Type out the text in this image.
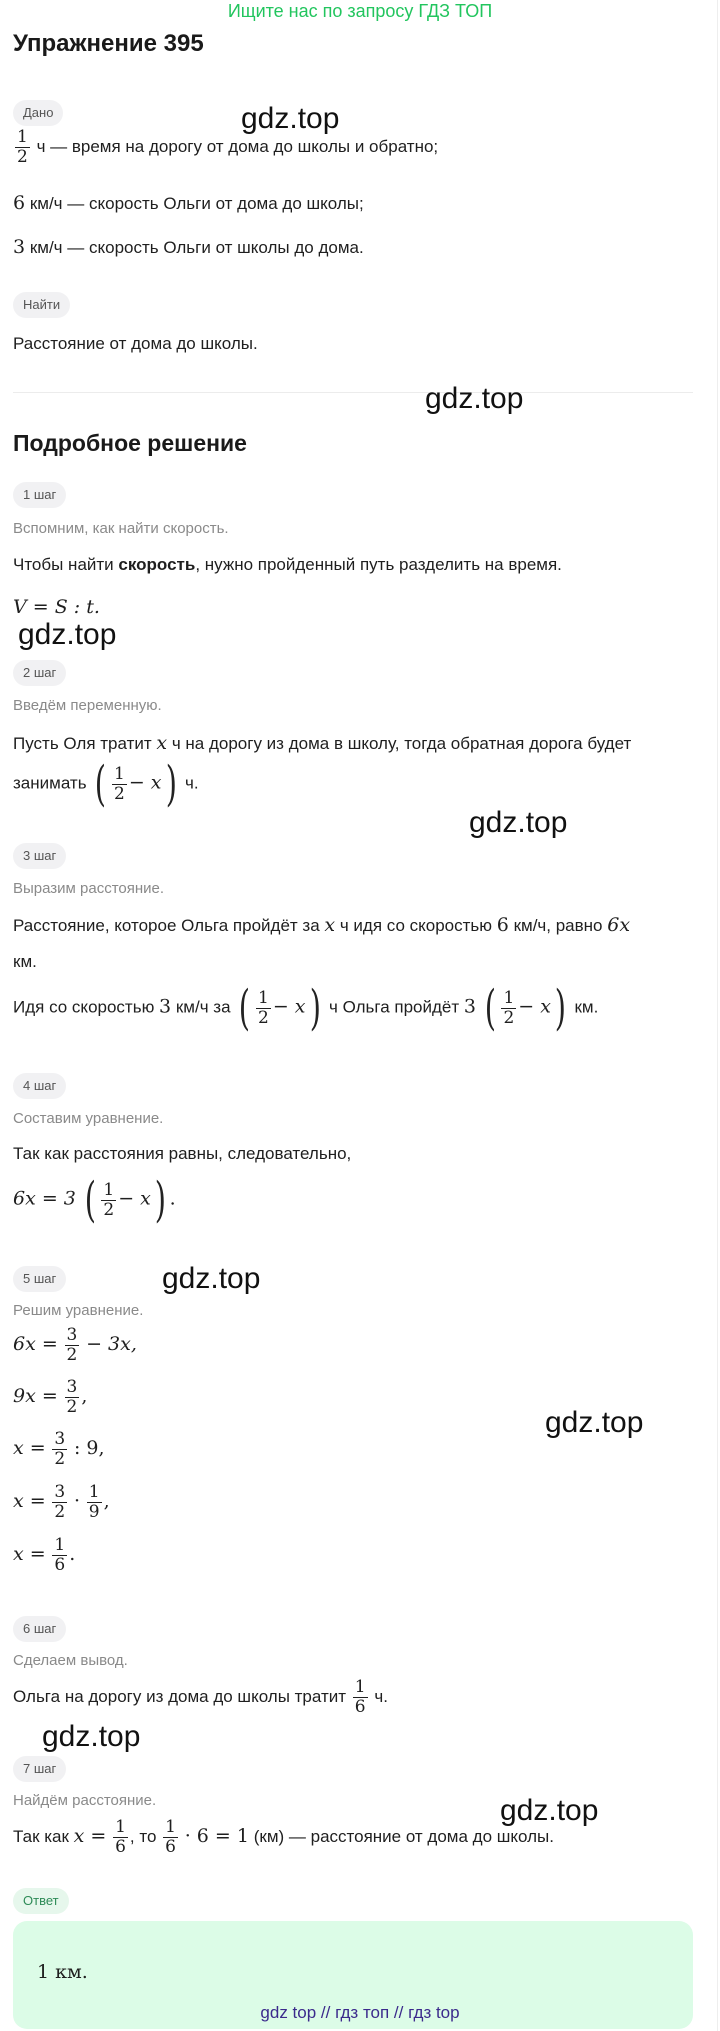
Ищите нас по запросу ГДЗ ТОП
Упражнение 395
Дано
$\frac{1}{2}$ ч — время на дорогу от дома до школы и обратно;
6 км/ч — скорость Ольги от дома до школы;
3 км/ч — скорость Ольги от школы до дома.
Найти
Расстояние от дома до школы.
Подробное решение
1 шаг
Вспомним, как найти скорость.
Чтобы найти скорость, нужно пройденный путь разделить на время.
V = S : t.
2 шаг
Введём переменную.
Пусть Оля тратит x ч на дорогу из дома в школу, тогда обратная дорога будет
занимать ( $\frac{1}{2} - x$) ч.
3 шаг
Выразим расстояние.
Расстояние, которое Ольга пройдёт за x ч идя со скоростью 6 км/ч, равно 6x
км.
Идя со скоростью 3 км/ч за ( $\frac{1}{2} - x$) ч Ольга пройдёт 3 ( $\frac{1}{2} - x$) км.
4 шаг
Составим уравнение.
Так как расстояния равны, следовательно,
6x = 3 ( $\frac{1}{2} - x$) .
5 шаг
Решим уравнение.
$6x = \frac{3}{2} - 3x$,
$9x = \frac{3}{2}$ ,
$x = \frac{3}{2}$ : 9,
$x = \frac{3}{2} \cdot \frac{1}{9}$ ,
$x = \frac{1}{6}$ .
6 шаг
Сделаем вывод.
Ольга на дорогу из дома до школы тратит $\frac{1}{6} ч$.
7 шаг
Найдём расстояние.
Так как $x = \frac{1}{6}$ , то $\frac{1}{6} \cdot 6 = 1$ (км) — расстояние от дома до школы.
Ответ
1 км.
gdz.top
gdz.top
gdz.top
gdz.top
gdz.top
gdz.top
gdz.top
gdz.top
gdz top // гдз топ // гдз top
